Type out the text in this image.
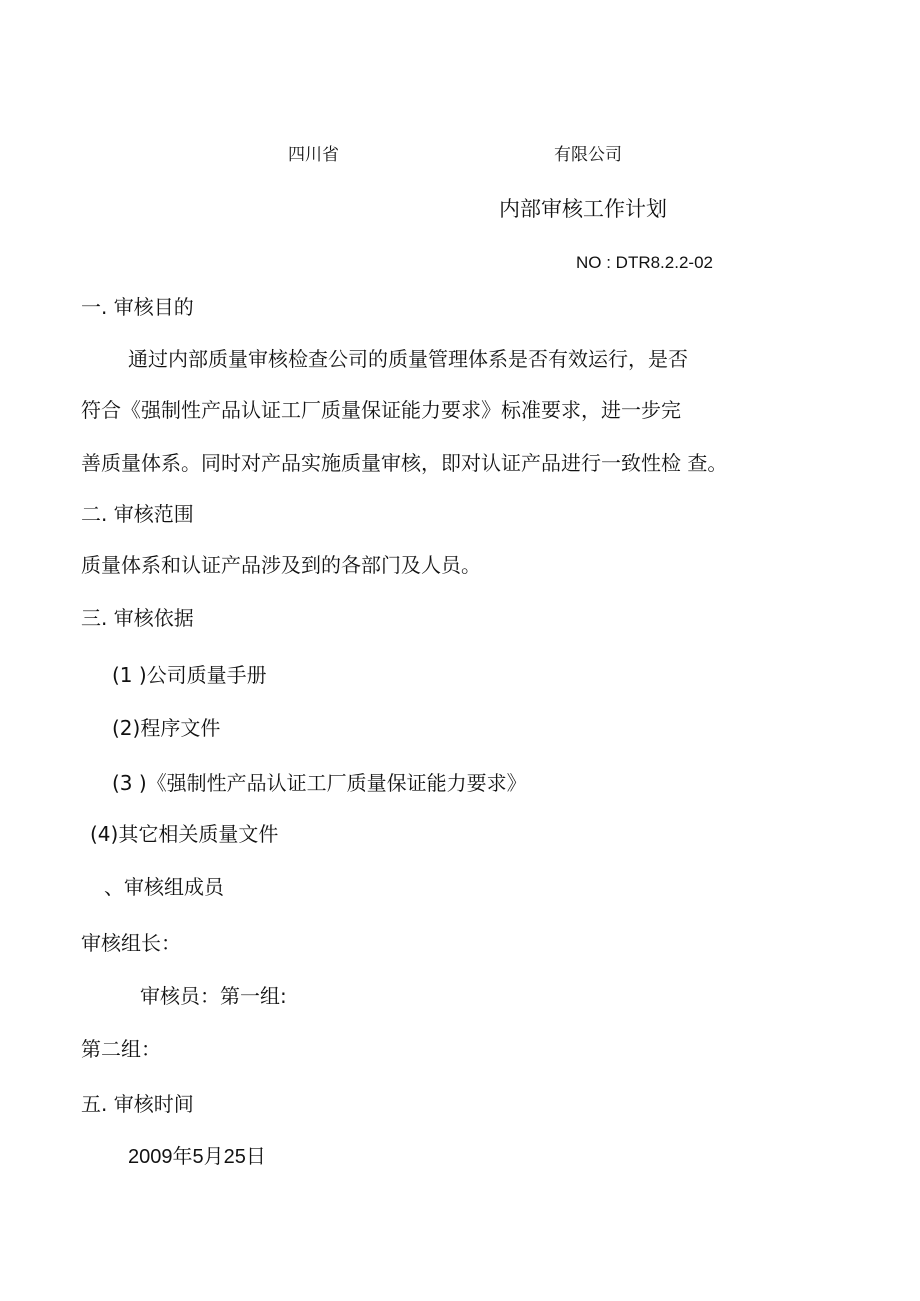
四川省	有限公司
内部审核工作计划
NO : DTR8.2.2-02
一. 审核目的
通过内部质量审核检查公司的质量管理体系是否有效运行，是否
符合《强制性产品认证工厂质量保证能力要求》标准要求，进一步完
善质量体系。同时对产品实施质量审核，即对认证产品进行一致性检 查。
二. 审核范围
质量体系和认证产品涉及到的各部门及人员。
三. 审核依据
(1 )公司质量手册
(2)程序文件
(3 )《强制性产品认证工厂质量保证能力要求》
(4)其它相关质量文件
、审核组成员
审核组长：
审核员：第一组:
第二组：
五. 审核时间
2009年5月25日
